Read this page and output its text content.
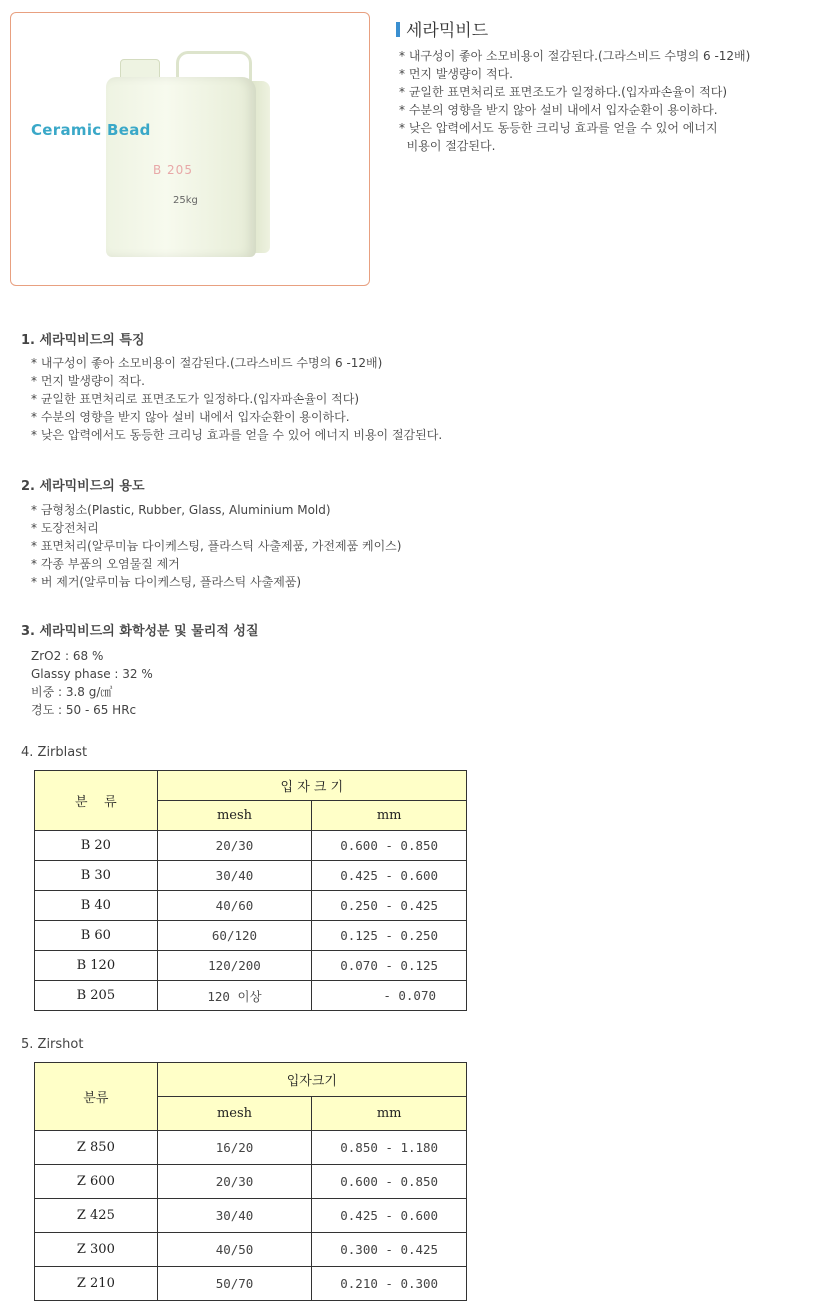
Ceramic Bead
B 205
25kg
세라믹비드
* 내구성이 좋아 소모비용이 절감된다.(그라스비드 수명의 6 -12배)
* 먼지 발생량이 적다.
* 균일한 표면처리로 표면조도가 일정하다.(입자파손율이 적다)
* 수분의 영향을 받지 않아 설비 내에서 입자순환이 용이하다.
* 낮은 압력에서도 동등한 크리닝 효과를 얻을 수 있어 에너지
비용이 절감된다.
1. 세라믹비드의 특징
* 내구성이 좋아 소모비용이 절감된다.(그라스비드 수명의 6 -12배)
* 먼지 발생량이 적다.
* 균일한 표면처리로 표면조도가 일정하다.(입자파손율이 적다)
* 수분의 영향을 받지 않아 설비 내에서 입자순환이 용이하다.
* 낮은 압력에서도 동등한 크리닝 효과를 얻을 수 있어 에너지 비용이 절감된다.
2. 세라믹비드의 용도
* 금형청소(Plastic, Rubber, Glass, Aluminium Mold)
* 도장전처리
* 표면처리(알루미늄 다이케스팅, 플라스틱 사출제품, 가전제품 케이스)
* 각종 부품의 오염물질 제거
* 버 제거(알루미늄 다이케스팅, 플라스틱 사출제품)
3. 세라믹비드의 화학성분 및 물리적 성질
ZrO2 : 68 %
Glassy phase : 32 %
비중 : 3.8 g/㎤
경도 : 50 - 65 HRc
4. Zirblast
분    류	입 자 크 기	
	mesh	mm
B 20	20/30	0.600 - 0.850
B 30	30/40	0.425 - 0.600
B 40	40/60	0.250 - 0.425
B 60	60/120	0.125 - 0.250
B 120	120/200	0.070 - 0.125
B 205	120 이상	- 0.070
5. Zirshot
분류	입자크기	
	mesh	mm
Z 850	16/20	0.850 - 1.180
Z 600	20/30	0.600 - 0.850
Z 425	30/40	0.425 - 0.600
Z 300	40/50	0.300 - 0.425
Z 210	50/70	0.210 - 0.300
